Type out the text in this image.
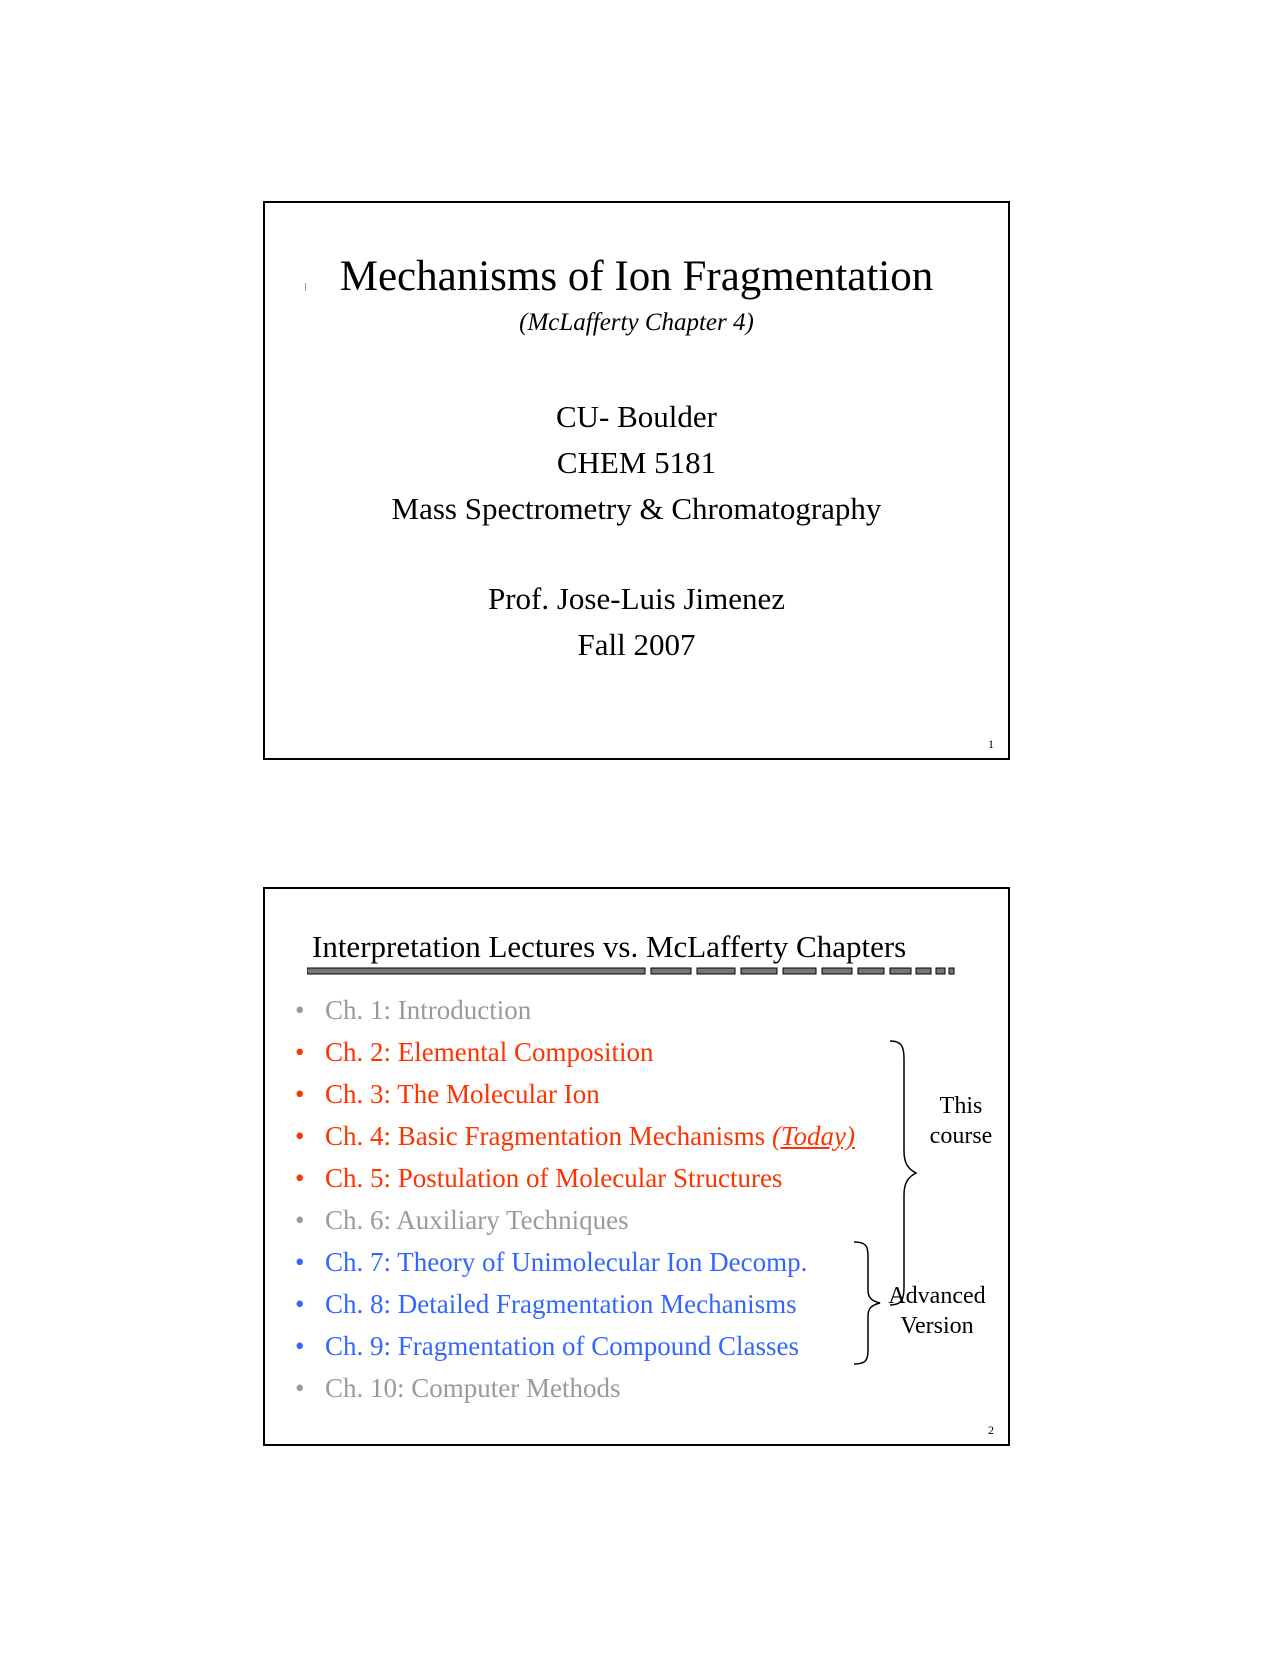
Mechanisms of Ion Fragmentation
(McLafferty Chapter 4)
CU- Boulder
CHEM 5181
Mass Spectrometry & Chromatography
Prof. Jose-Luis Jimenez
Fall 2007
1
Interpretation Lectures vs. McLafferty Chapters
• Ch. 1: Introduction
• Ch. 2: Elemental Composition
• Ch. 3: The Molecular Ion
• Ch. 4: Basic Fragmentation Mechanisms (Today)
• Ch. 5: Postulation of Molecular Structures
• Ch. 6: Auxiliary Techniques
• Ch. 7: Theory of Unimolecular Ion Decomp.
• Ch. 8: Detailed Fragmentation Mechanisms
• Ch. 9: Fragmentation of Compound Classes
• Ch. 10: Computer Methods
This
course
Advanced
Version
2
